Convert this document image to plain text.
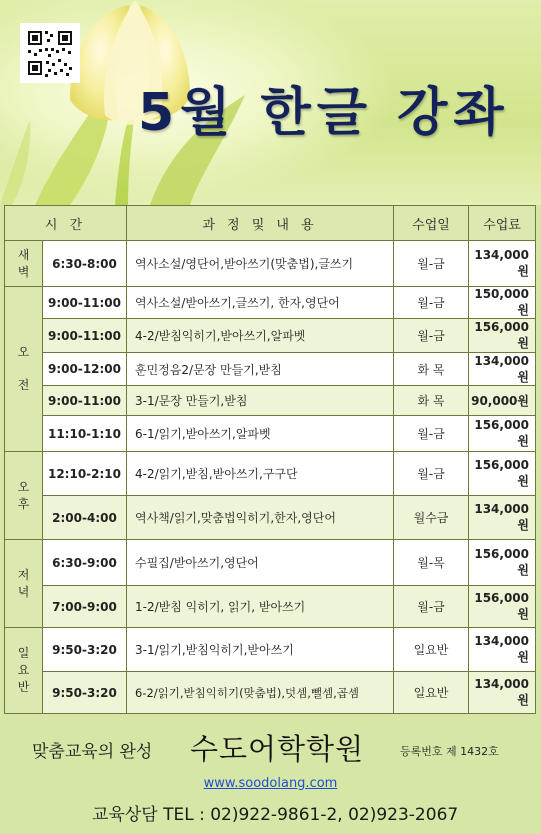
5월 한글 강좌
시 간		과 정 및 내 용	수업일	수업료

새
벽	6:30-8:00	역사소설/영단어,받아쓰기(맞춤법),글쓰기	월-금	134,000원

오

전	9:00-11:00	역사소설/받아쓰기,글쓰기, 한자,영단어	월-금	150,000원
	9:00-11:00	4-2/받침익히기,받아쓰기,알파벳	월-금	156,000원
	9:00-12:00	훈민정음2/문장 만들기,받침	화 목	134,000원
	9:00-11:00	3-1/문장 만들기,받침	화 목	90,000원
	11:10-1:10	6-1/읽기,받아쓰기,알파벳	월-금	156,000원

오
후	12:10-2:10	4-2/읽기,받침,받아쓰기,구구단	월-금	156,000원
	2:00-4:00	역사책/읽기,맞춤법익히기,한자,영단어	월수금	134,000원

저
녁	6:30-9:00	수필집/받아쓰기,영단어	월-목	156,000원
	7:00-9:00	1-2/받침 익히기, 읽기, 받아쓰기	월-금	156,000원

일
요
반	9:50-3:20	3-1/읽기,받침익히기,받아쓰기	일요반	134,000원
	9:50-3:20	6-2/읽기,받침익히기(맞춤법),덧셈,뺄셈,곱셈	일요반	134,000원
맞춤교육의 완성 수도어학학원	등록번호 제 1432호
www.soodolang.com
교육상담 TEL : 02)922-9861-2, 02)923-2067
